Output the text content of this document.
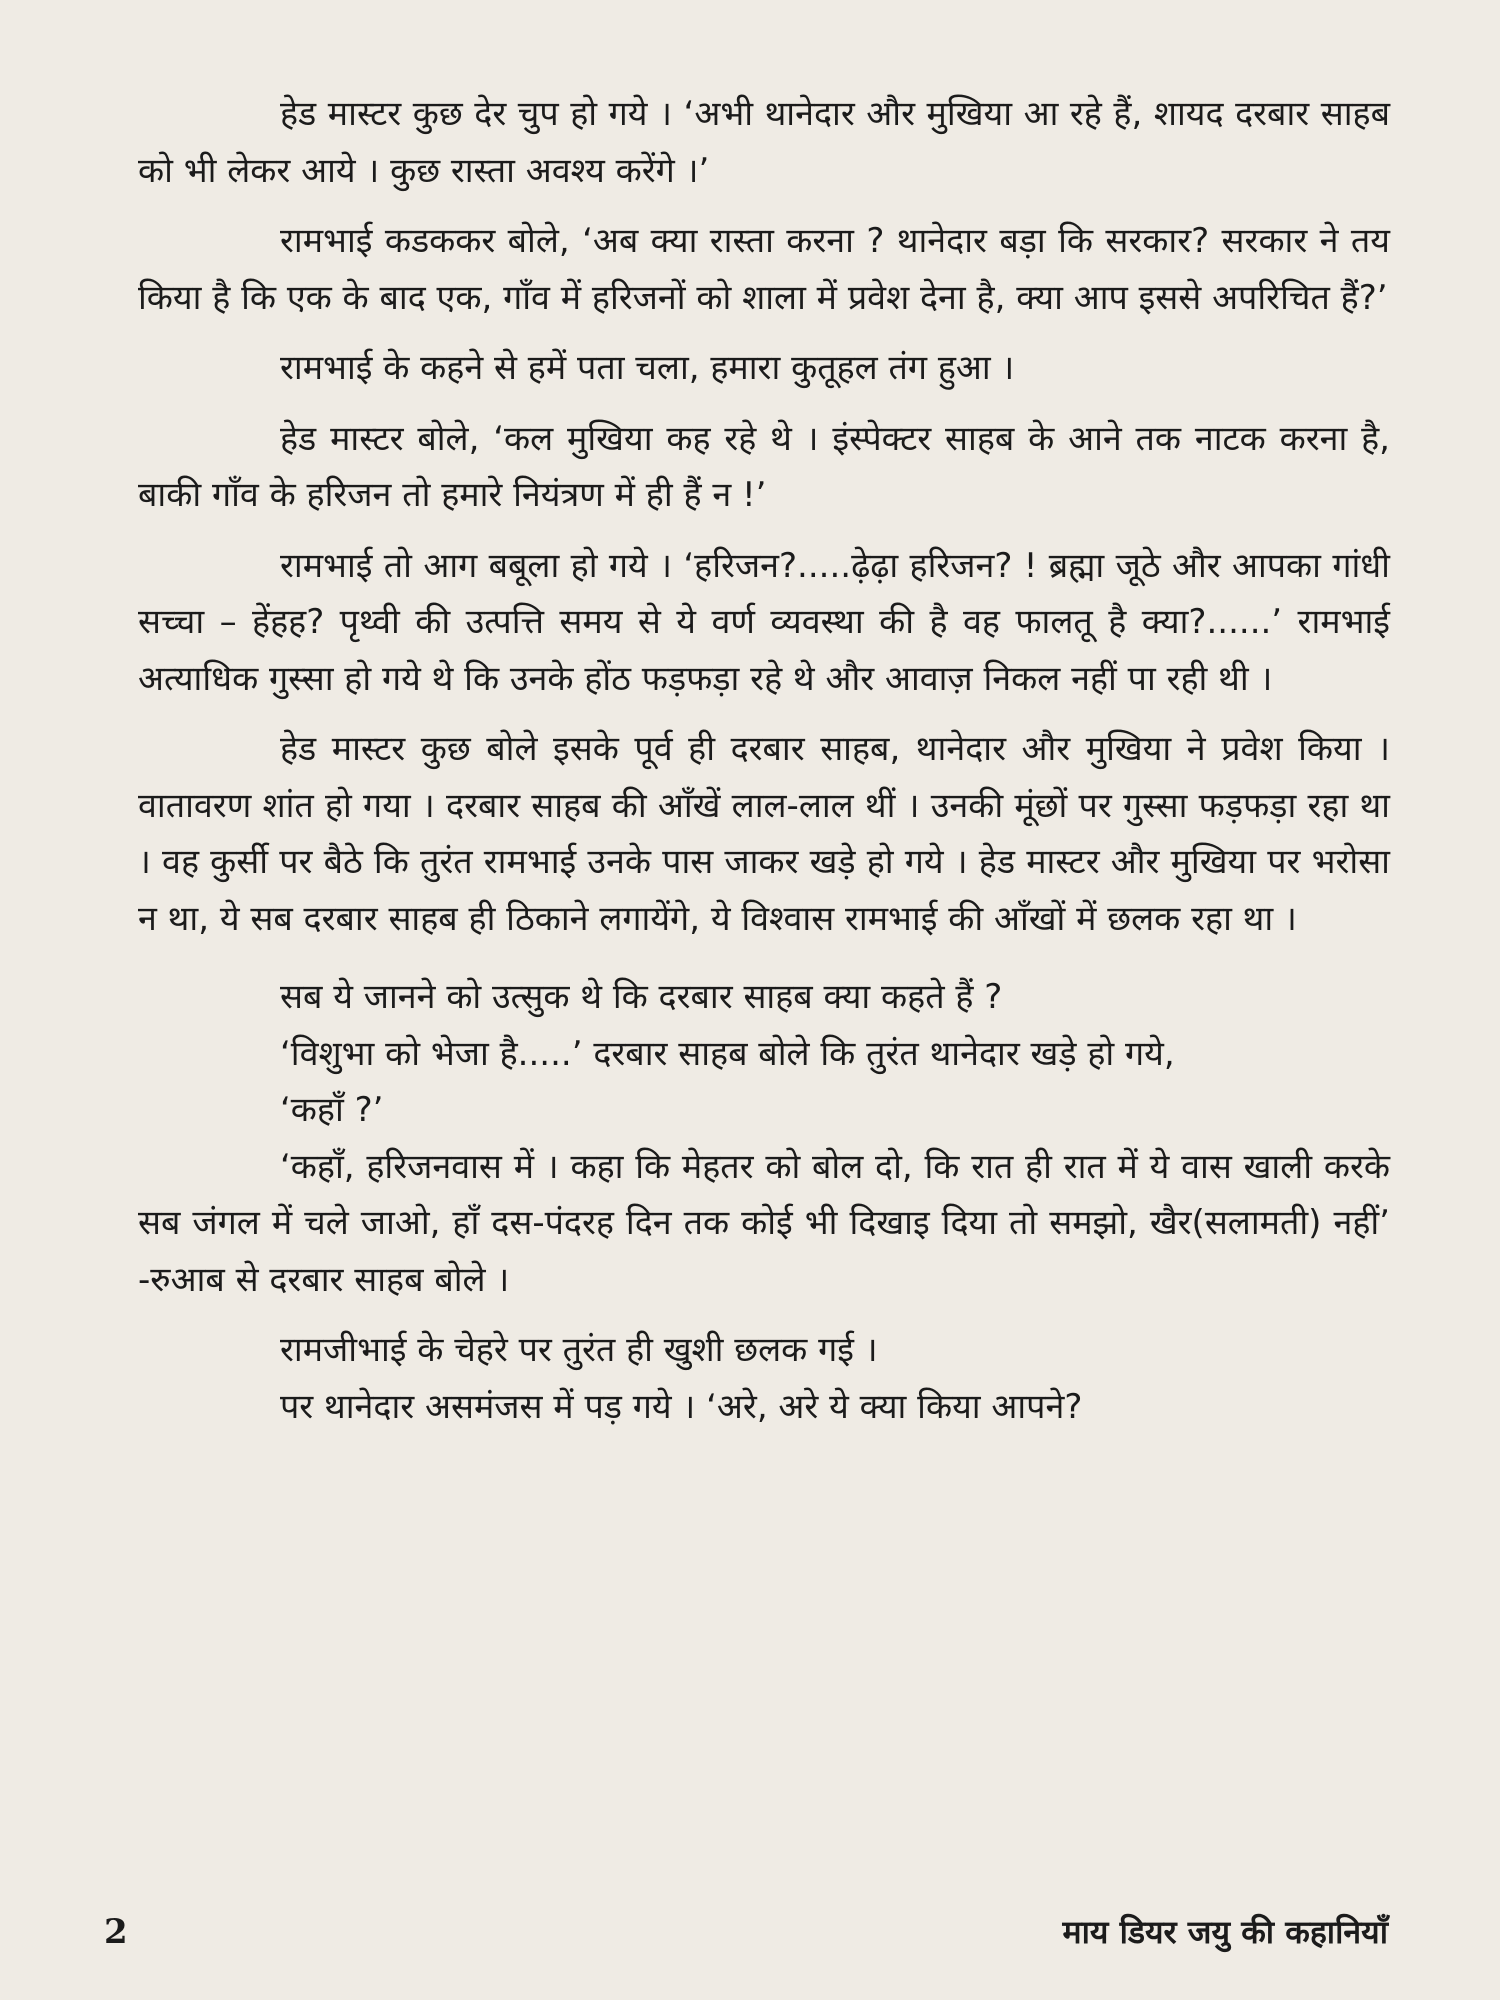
हेड मास्टर कुछ देर चुप हो गये । ‘अभी थानेदार और मुखिया आ रहे हैं, शायद दरबार साहब को भी लेकर आये । कुछ रास्ता अवश्य करेंगे ।’

रामभाई कडककर बोले, ‘अब क्या रास्ता करना ? थानेदार बड़ा कि सरकार? सरकार ने तय किया है कि एक के बाद एक, गाँव में हरिजनों को शाला में प्रवेश देना है, क्या आप इससे अपरिचित हैं?’

रामभाई के कहने से हमें पता चला, हमारा कुतूहल तंग हुआ ।

हेड मास्टर बोले, ‘कल मुखिया कह रहे थे । इंस्पेक्टर साहब के आने तक नाटक करना है, बाकी गाँव के हरिजन तो हमारे नियंत्रण में ही हैं न !’

रामभाई तो आग बबूला हो गये । ‘हरिजन?.....ढ़ेढ़ा हरिजन? ! ब्रह्मा जूठे और आपका गांधी सच्चा – हेंहह? पृथ्वी की उत्पत्ति समय से ये वर्ण व्यवस्था की है वह फालतू है क्या?......’ रामभाई अत्याधिक गुस्सा हो गये थे कि उनके होंठ फड़फड़ा रहे थे और आवाज़ निकल नहीं पा रही थी ।

हेड मास्टर कुछ बोले इसके पूर्व ही दरबार साहब, थानेदार और मुखिया ने प्रवेश किया । वातावरण शांत हो गया । दरबार साहब की आँखें लाल-लाल थीं । उनकी मूंछों पर गुस्सा फड़फड़ा रहा था । वह कुर्सी पर बैठे कि तुरंत रामभाई उनके पास जाकर खड़े हो गये । हेड मास्टर और मुखिया पर भरोसा न था, ये सब दरबार साहब ही ठिकाने लगायेंगे, ये विश्वास रामभाई की आँखों में छलक रहा था ।

सब ये जानने को उत्सुक थे कि दरबार साहब क्या कहते हैं ?

‘विशुभा को भेजा है.....’ दरबार साहब बोले कि तुरंत थानेदार खड़े हो गये,

‘कहाँ ?’

‘कहाँ, हरिजनवास में । कहा कि मेहतर को बोल दो, कि रात ही रात में ये वास खाली करके सब जंगल में चले जाओ, हाँ दस-पंदरह दिन तक कोई भी दिखाइ दिया तो समझो, खैर(सलामती) नहीं’ -रुआब से दरबार साहब बोले ।

रामजीभाई के चेहरे पर तुरंत ही खुशी छलक गई ।

पर थानेदार असमंजस में पड़ गये । ‘अरे, अरे ये क्या किया आपने?

2	माय डियर जयु की कहानियाँ
